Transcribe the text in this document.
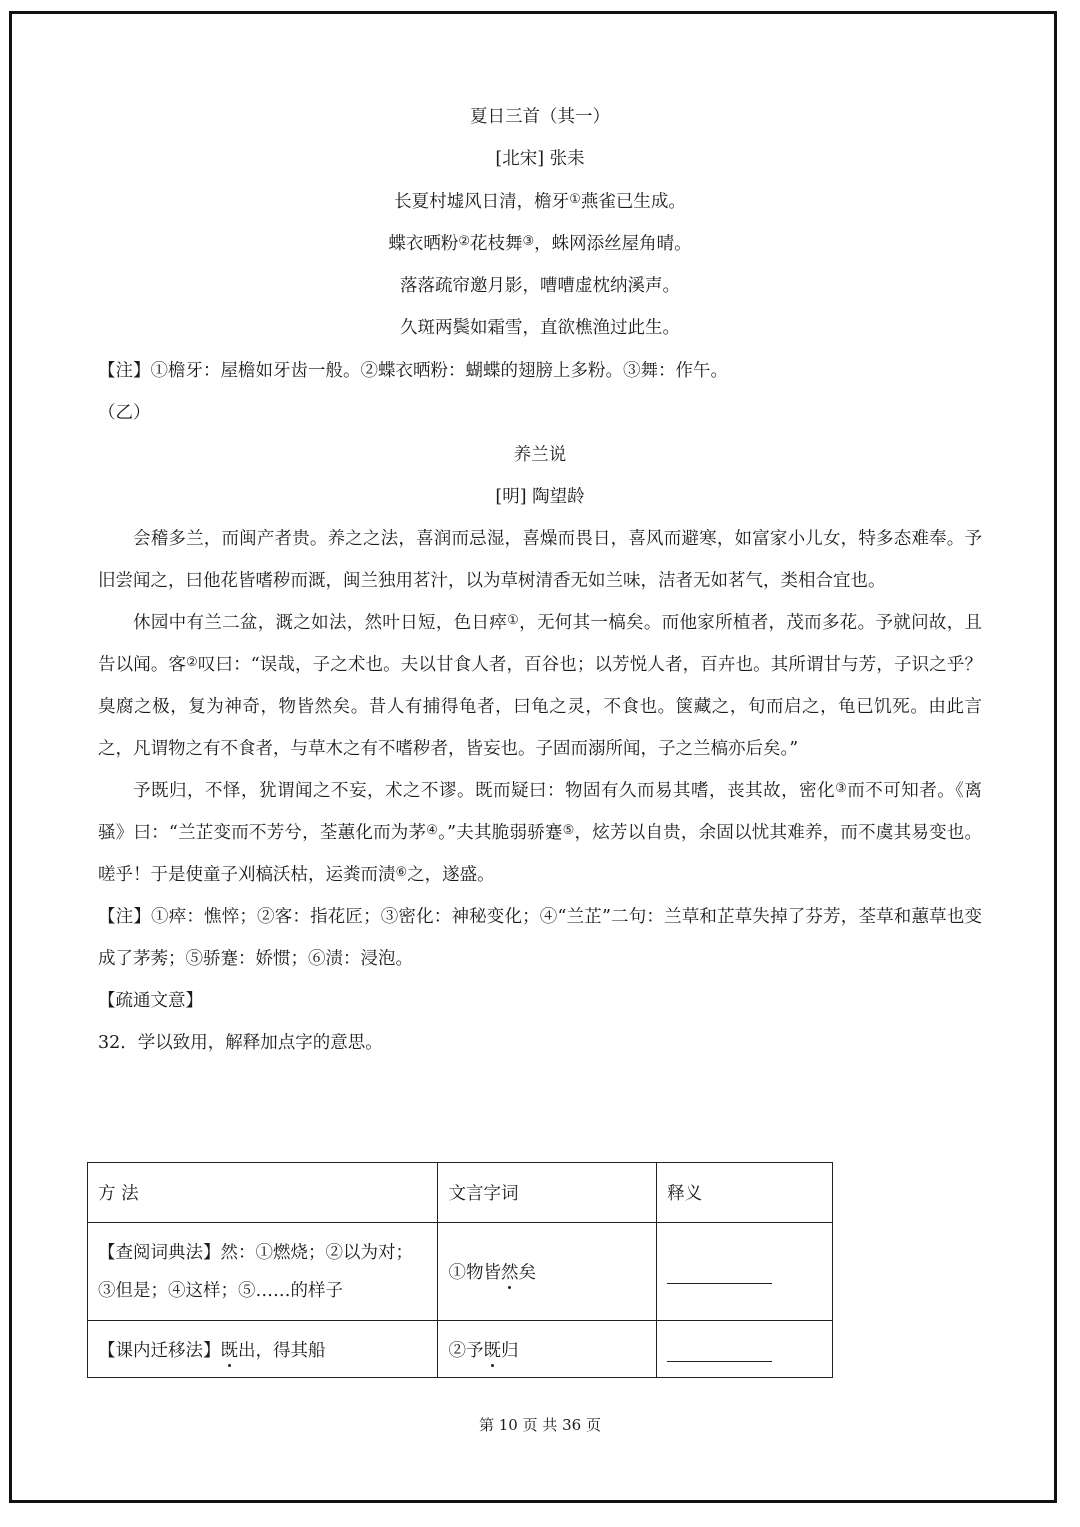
夏日三首（其一）
[北宋] 张耒
长夏村墟风日清，檐牙①燕雀已生成。
蝶衣晒粉②花枝舞③，蛛网添丝屋角晴。
落落疏帘邀月影，嘈嘈虚枕纳溪声。
久斑两鬓如霜雪，直欲樵渔过此生。
【注】①檐牙：屋檐如牙齿一般。②蝶衣晒粉：蝴蝶的翅膀上多粉。③舞：作午。
（乙）
养兰说
[明] 陶望龄

会稽多兰，而闽产者贵。养之之法，喜润而忌湿，喜燥而畏日，喜风而避寒，如富家小儿女，特多态难奉。予旧尝闻之，曰他花皆嗜秽而溉，闽兰独用茗汁，以为草树清香无如兰味，洁者无如茗气，类相合宜也。

休园中有兰二盆，溉之如法，然叶日短，色日瘁①，无何其一槁矣。而他家所植者，茂而多花。予就问故，且告以闻。客②叹曰：“误哉，子之术也。夫以甘食人者，百谷也；以芳悦人者，百卉也。其所谓甘与芳，子识之乎？臭腐之极，复为神奇，物皆然矣。昔人有捕得龟者，曰龟之灵，不食也。箧藏之，旬而启之，龟已饥死。由此言之，凡谓物之有不食者，与草木之有不嗜秽者，皆妄也。子固而溺所闻，子之兰槁亦后矣。”

予既归，不怿，犹谓闻之不妄，术之不谬。既而疑曰：物固有久而易其嗜，丧其故，密化③而不可知者。《离骚》曰：“兰芷变而不芳兮，荃蕙化而为茅④。”夫其脆弱骄蹇⑤，炫芳以自贵，余固以忧其难养，而不虞其易变也。嗟乎！于是使童子刈槁沃枯，运粪而渍⑥之，遂盛。

【注】①瘁：憔悴；②客：指花匠；③密化：神秘变化；④“兰芷”二句：兰草和芷草失掉了芬芳，荃草和蕙草也变成了茅莠；⑤骄蹇：娇惯；⑥渍：浸泡。

【疏通文意】
32．学以致用，解释加点字的意思。
方 法	文言字词	释义
【查阅词典法】然：①燃烧；②以为对；③但是；④这样；⑤……的样子	①物皆然矣	

【课内迁移法】既出，得其船	②予既归	
第 10 页 共 36 页
